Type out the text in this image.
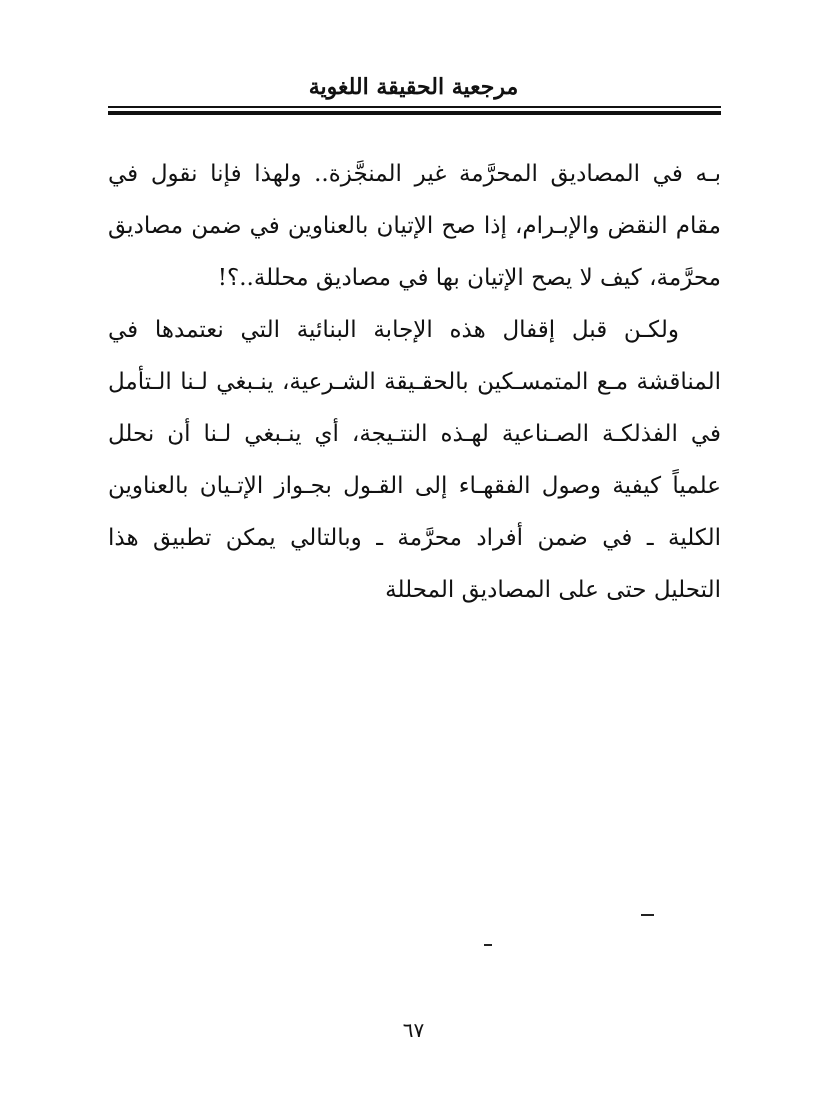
مرجعية الحقيقة اللغوية

بـه في المصاديق المحرَّمة غير المنجَّزة.. ولهذا فإنا نقول في مقام النقض والإبـرام، إذا صح الإتيان بالعناوين في ضمن مصاديق محرَّمة، كيف لا يصح الإتيان بها في مصاديق محللة..؟!

ولكـن قبل إقفال هذه الإجابة البنائية التي نعتمدها في المناقشة مـع المتمسـكين بالحقـيقة الشـرعية، ينـبغي لـنا الـتأمل في الفذلكـة الصـناعية لهـذه النتـيجة، أي ينـبغي لـنا أن نحلل علمياً كيفية وصول الفقهـاء إلى القـول بجـواز الإتـيان بالعناوين الكلية ـ في ضمن أفراد محرَّمة ـ وبالتالي يمكن تطبيق هذا التحليل حتى على المصاديق المحللة

٦٧
